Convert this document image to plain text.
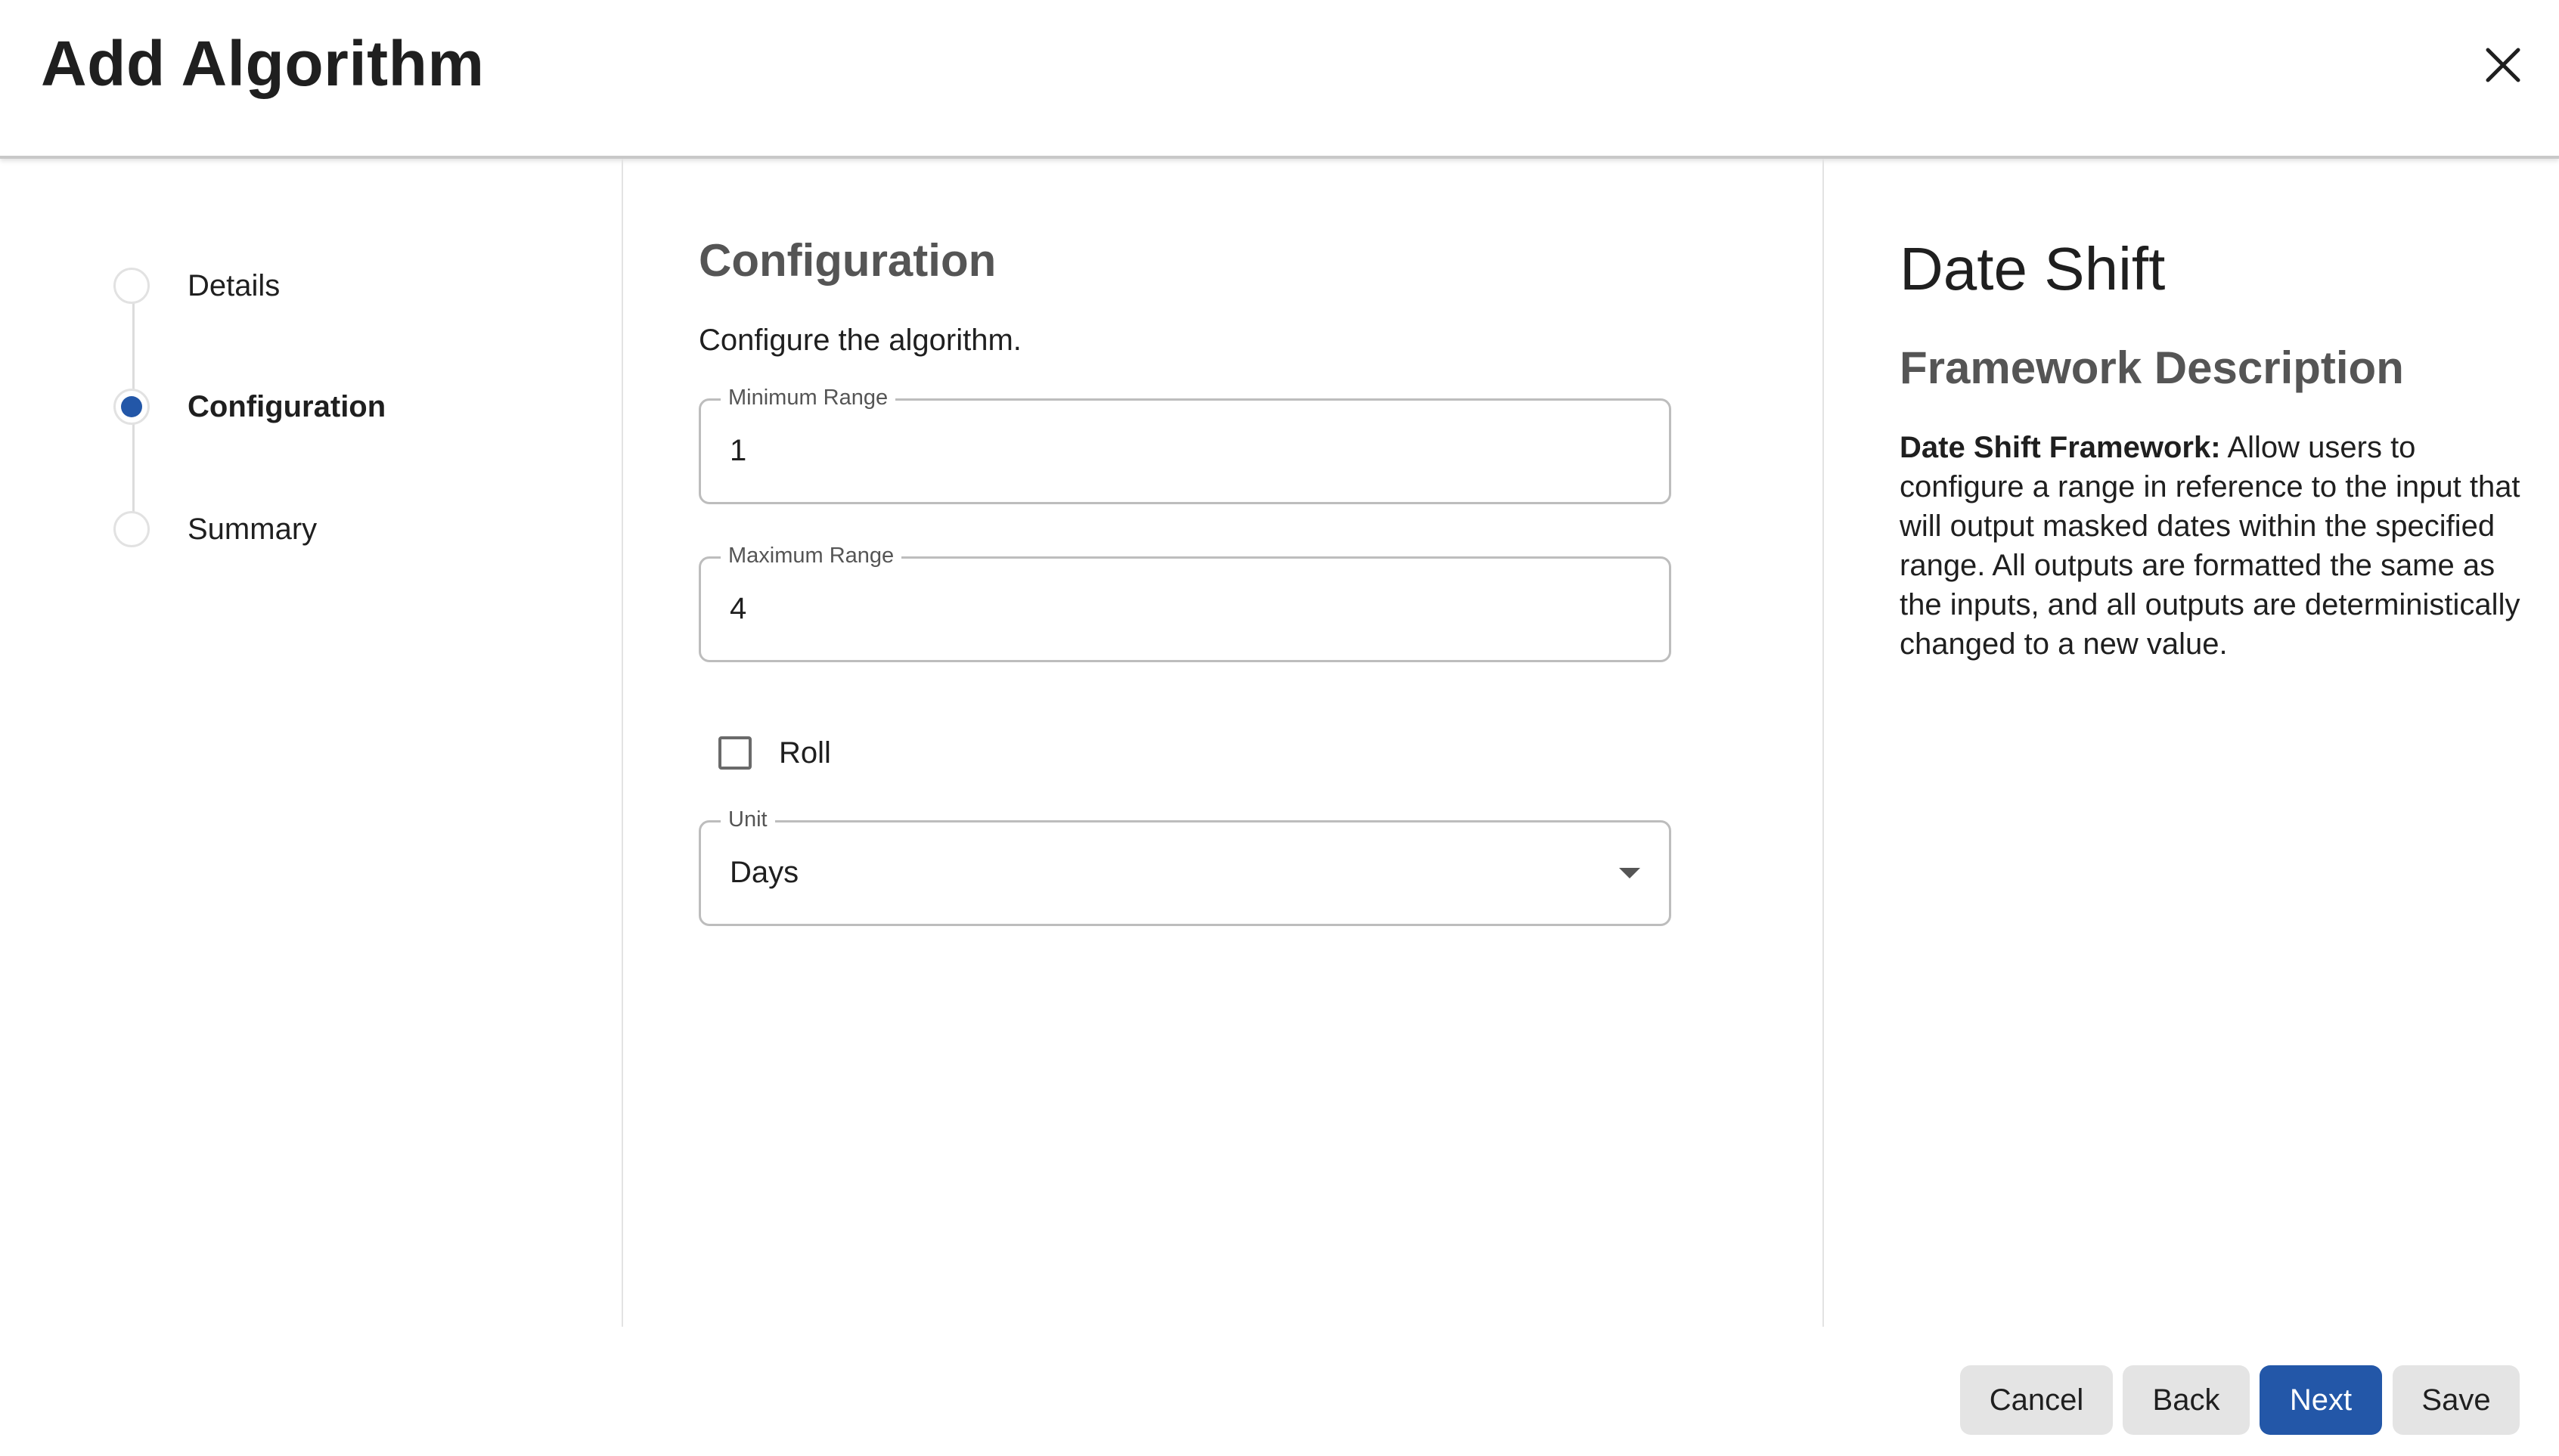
Add Algorithm
Details
Configuration
Summary
Configuration
Configure the algorithm.
Minimum Range
1
Maximum Range
4
Roll
Unit
Days
Date Shift
Framework Description
Date Shift Framework: Allow users to configure a range in reference to the input that will output masked dates within the specified range. All outputs are formatted the same as the inputs, and all outputs are deterministically changed to a new value.
Cancel	Back	Next	Save
